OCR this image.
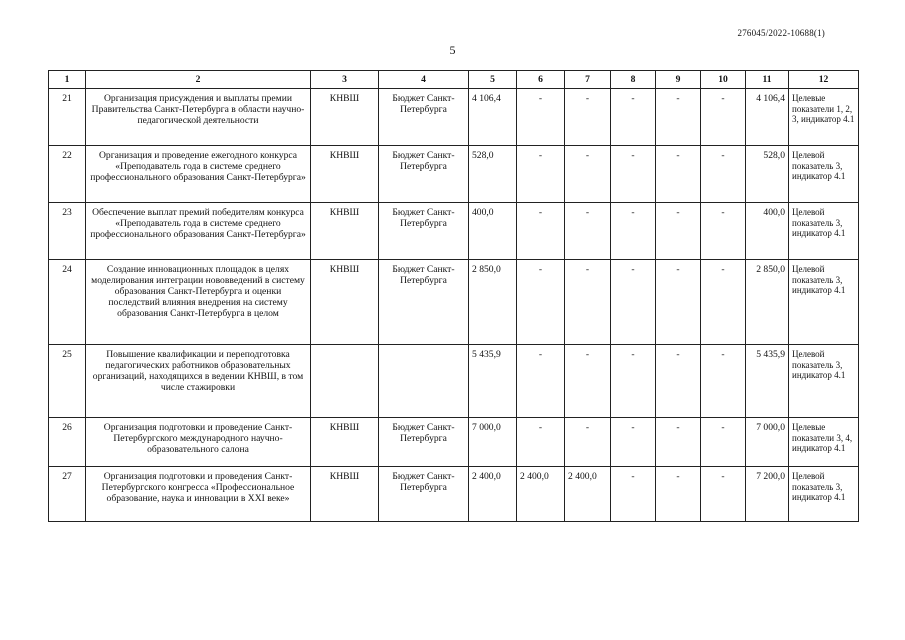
276045/2022-10688(1)
5
1	2	3	4	5	6	7	8	9	10	11	12
21	Организация присуждения и выплаты премии Правительства Санкт-Петербурга в области научно-педагогической деятельности	КНВШ	Бюджет Санкт-Петербурга	4 106,4	-	-	-	-	-	4 106,4	Целевые показатели 1, 2, 3, индикатор 4.1
22	Организация и проведение ежегодного конкурса «Преподаватель года в системе среднего профессионального образования Санкт-Петербурга»	КНВШ	Бюджет Санкт-Петербурга	528,0	-	-	-	-	-	528,0	Целевой показатель 3, индикатор 4.1
23	Обеспечение выплат премий победителям конкурса «Преподаватель года в системе среднего профессионального образования Санкт-Петербурга»	КНВШ	Бюджет Санкт-Петербурга	400,0	-	-	-	-	-	400,0	Целевой показатель 3, индикатор 4.1
24	Создание инновационных площадок в целях моделирования интеграции нововведений в систему образования Санкт-Петербурга и оценки последствий влияния внедрения на систему образования Санкт-Петербурга в целом	КНВШ	Бюджет Санкт-Петербурга	2 850,0	-	-	-	-	-	2 850,0	Целевой показатель 3, индикатор 4.1
25	Повышение квалификации и переподготовка педагогических работников образовательных организаций, находящихся в ведении КНВШ, в том числе стажировки			5 435,9	-	-	-	-	-	5 435,9	Целевой показатель 3, индикатор 4.1
26	Организация подготовки и проведение Санкт-Петербургского международного научно-образовательного салона	КНВШ	Бюджет Санкт-Петербурга	7 000,0	-	-	-	-	-	7 000,0	Целевые показатели 3, 4, индикатор 4.1
27	Организация подготовки и проведения Санкт-Петербургского конгресса «Профессиональное образование, наука и инновации в XXI веке»	КНВШ	Бюджет Санкт-Петербурга	2 400,0	2 400,0	2 400,0	-	-	-	7 200,0	Целевой показатель 3, индикатор 4.1
